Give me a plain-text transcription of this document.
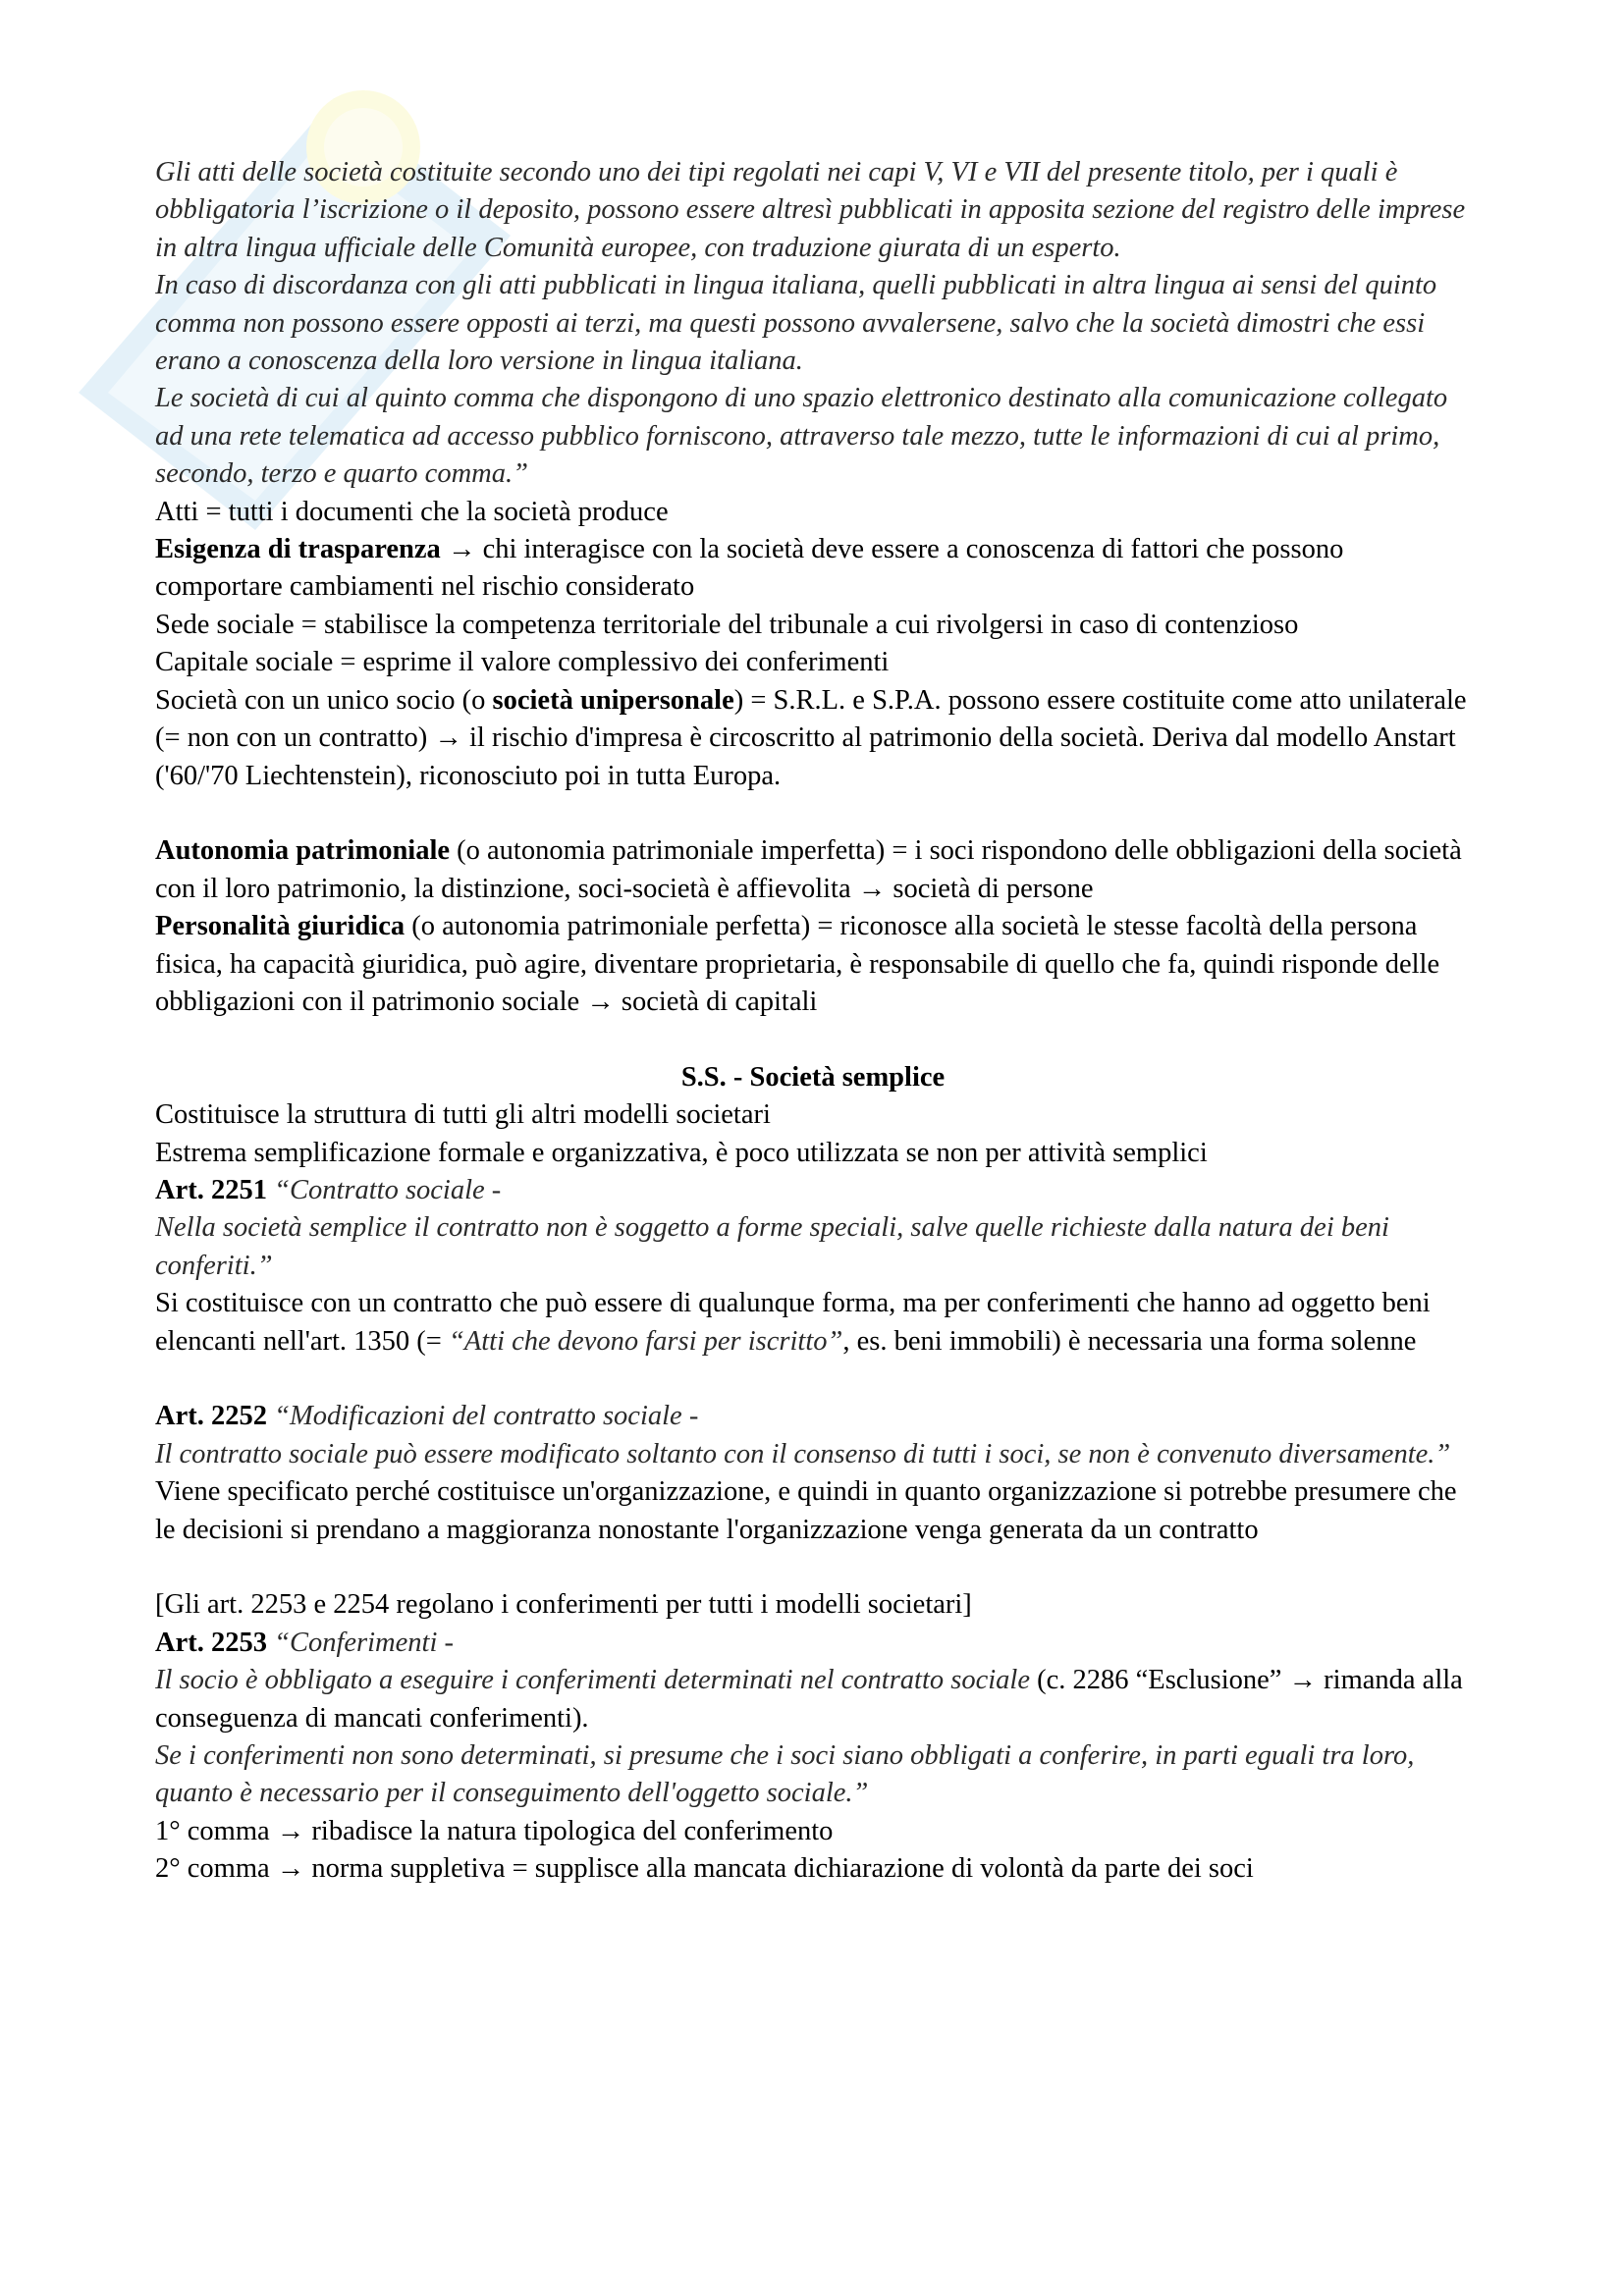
Gli atti delle società costituite secondo uno dei tipi regolati nei capi V, VI e VII del presente titolo, per i quali è obbligatoria l’iscrizione o il deposito, possono essere altresì pubblicati in apposita sezione del registro delle imprese in altra lingua ufficiale delle Comunità europee, con traduzione giurata di un esperto.

In caso di discordanza con gli atti pubblicati in lingua italiana, quelli pubblicati in altra lingua ai sensi del quinto comma non possono essere opposti ai terzi, ma questi possono avvalersene, salvo che la società dimostri che essi erano a conoscenza della loro versione in lingua italiana.

Le società di cui al quinto comma che dispongono di uno spazio elettronico destinato alla comunicazione collegato ad una rete telematica ad accesso pubblico forniscono, attraverso tale mezzo, tutte le informazioni di cui al primo, secondo, terzo e quarto comma.”

Atti = tutti i documenti che la società produce

Esigenza di trasparenza → chi interagisce con la società deve essere a conoscenza di fattori che possono comportare cambiamenti nel rischio considerato

Sede sociale = stabilisce la competenza territoriale del tribunale a cui rivolgersi in caso di contenzioso

Capitale sociale = esprime il valore complessivo dei conferimenti

Società con un unico socio (o società unipersonale) = S.R.L. e S.P.A. possono essere costituite come atto unilaterale (= non con un contratto) → il rischio d'impresa è circoscritto al patrimonio della società. Deriva dal modello Anstart ('60/'70 Liechtenstein), riconosciuto poi in tutta Europa.

Autonomia patrimoniale (o autonomia patrimoniale imperfetta) = i soci rispondono delle obbligazioni della società con il loro patrimonio, la distinzione, soci-società è affievolita → società di persone

Personalità giuridica (o autonomia patrimoniale perfetta) = riconosce alla società le stesse facoltà della persona fisica, ha capacità giuridica, può agire, diventare proprietaria, è responsabile di quello che fa, quindi risponde delle obbligazioni con il patrimonio sociale → società di capitali

S.S. - Società semplice

Costituisce la struttura di tutti gli altri modelli societari

Estrema semplificazione formale e organizzativa, è poco utilizzata se non per attività semplici

Art. 2251 “Contratto sociale -

Nella società semplice il contratto non è soggetto a forme speciali, salve quelle richieste dalla natura dei beni conferiti.”

Si costituisce con un contratto che può essere di qualunque forma, ma per conferimenti che hanno ad oggetto beni elencanti nell'art. 1350 (= “Atti che devono farsi per iscritto”, es. beni immobili) è necessaria una forma solenne

Art. 2252 “Modificazioni del contratto sociale -

Il contratto sociale può essere modificato soltanto con il consenso di tutti i soci, se non è convenuto diversamente.”

Viene specificato perché costituisce un'organizzazione, e quindi in quanto organizzazione si potrebbe presumere che le decisioni si prendano a maggioranza nonostante l'organizzazione venga generata da un contratto

[Gli art. 2253 e 2254 regolano i conferimenti per tutti i modelli societari]

Art. 2253 “Conferimenti -

Il socio è obbligato a eseguire i conferimenti determinati nel contratto sociale (c. 2286 “Esclusione” → rimanda alla conseguenza di mancati conferimenti).

Se i conferimenti non sono determinati, si presume che i soci siano obbligati a conferire, in parti eguali tra loro, quanto è necessario per il conseguimento dell'oggetto sociale.”

1° comma → ribadisce la natura tipologica del conferimento

2° comma → norma suppletiva = supplisce alla mancata dichiarazione di volontà da parte dei soci
